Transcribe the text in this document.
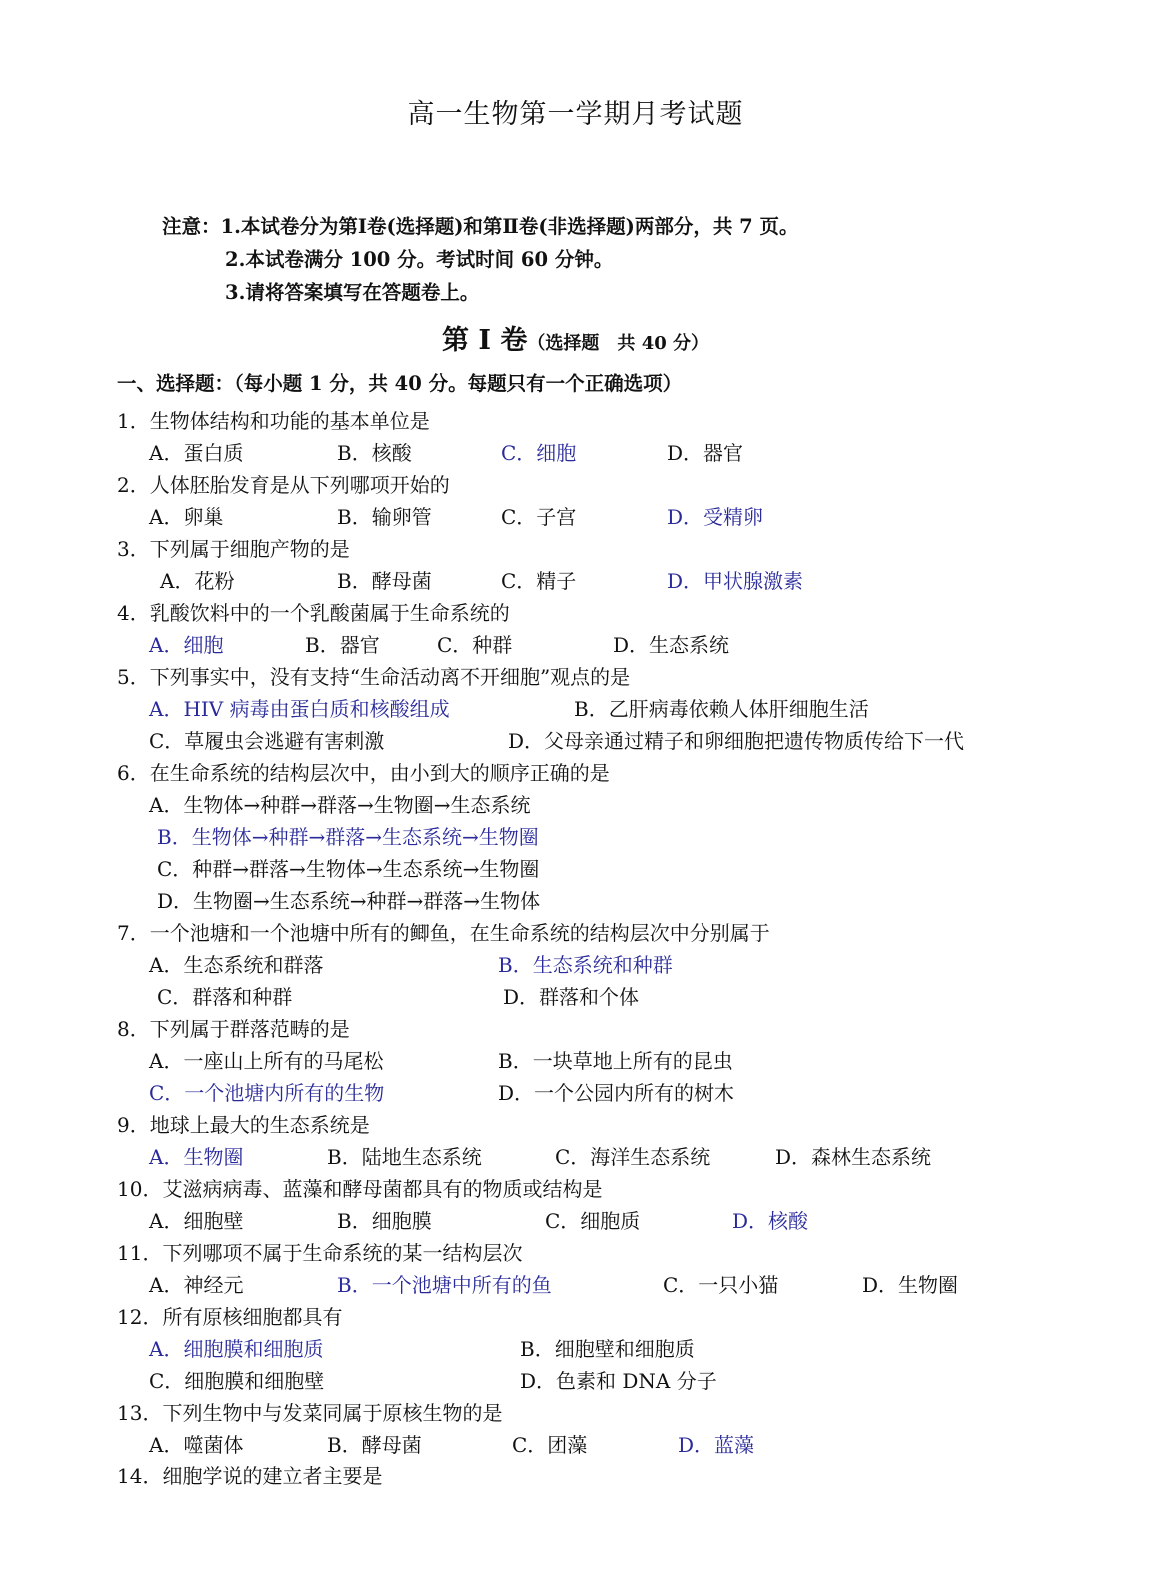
高一生物第一学期月考试题
注意：1.本试卷分为第Ⅰ卷(选择题)和第Ⅱ卷(非选择题)两部分，共 7 页。
2.本试卷满分 100 分。考试时间 60 分钟。
3.请将答案填写在答题卷上。
第 I 卷（选择题　共 40 分）
一、选择题：（每小题 1 分，共 40 分。每题只有一个正确选项）
1．生物体结构和功能的基本单位是
A．蛋白质	B．核酸	C．细胞	D．器官
2．人体胚胎发育是从下列哪项开始的
A．卵巢	B．输卵管	C．子宫	D．受精卵
3．下列属于细胞产物的是
A．花粉	B．酵母菌	C．精子	D．甲状腺激素
4．乳酸饮料中的一个乳酸菌属于生命系统的
A．细胞	B．器官	C．种群	D．生态系统
5．下列事实中，没有支持“生命活动离不开细胞”观点的是
A．HIV 病毒由蛋白质和核酸组成	B．乙肝病毒依赖人体肝细胞生活
C．草履虫会逃避有害刺激	D．父母亲通过精子和卵细胞把遗传物质传给下一代
6．在生命系统的结构层次中，由小到大的顺序正确的是
A．生物体→种群→群落→生物圈→生态系统
B．生物体→种群→群落→生态系统→生物圈
C．种群→群落→生物体→生态系统→生物圈
D．生物圈→生态系统→种群→群落→生物体
7．一个池塘和一个池塘中所有的鲫鱼，在生命系统的结构层次中分别属于
A．生态系统和群落	B．生态系统和种群
C．群落和种群	D．群落和个体
8．下列属于群落范畴的是
A．一座山上所有的马尾松	B．一块草地上所有的昆虫
C．一个池塘内所有的生物	D．一个公园内所有的树木
9．地球上最大的生态系统是
A．生物圈	B．陆地生态系统	C．海洋生态系统	D．森林生态系统
10．艾滋病病毒、蓝藻和酵母菌都具有的物质或结构是
A．细胞壁	B．细胞膜	C．细胞质	D．核酸
11．下列哪项不属于生命系统的某一结构层次
A．神经元	B．一个池塘中所有的鱼	C．一只小猫	D．生物圈
12．所有原核细胞都具有
A．细胞膜和细胞质	B．细胞壁和细胞质
C．细胞膜和细胞壁	D．色素和 DNA 分子
13．下列生物中与发菜同属于原核生物的是
A．噬菌体	B．酵母菌	C．团藻	D．蓝藻
14．细胞学说的建立者主要是
